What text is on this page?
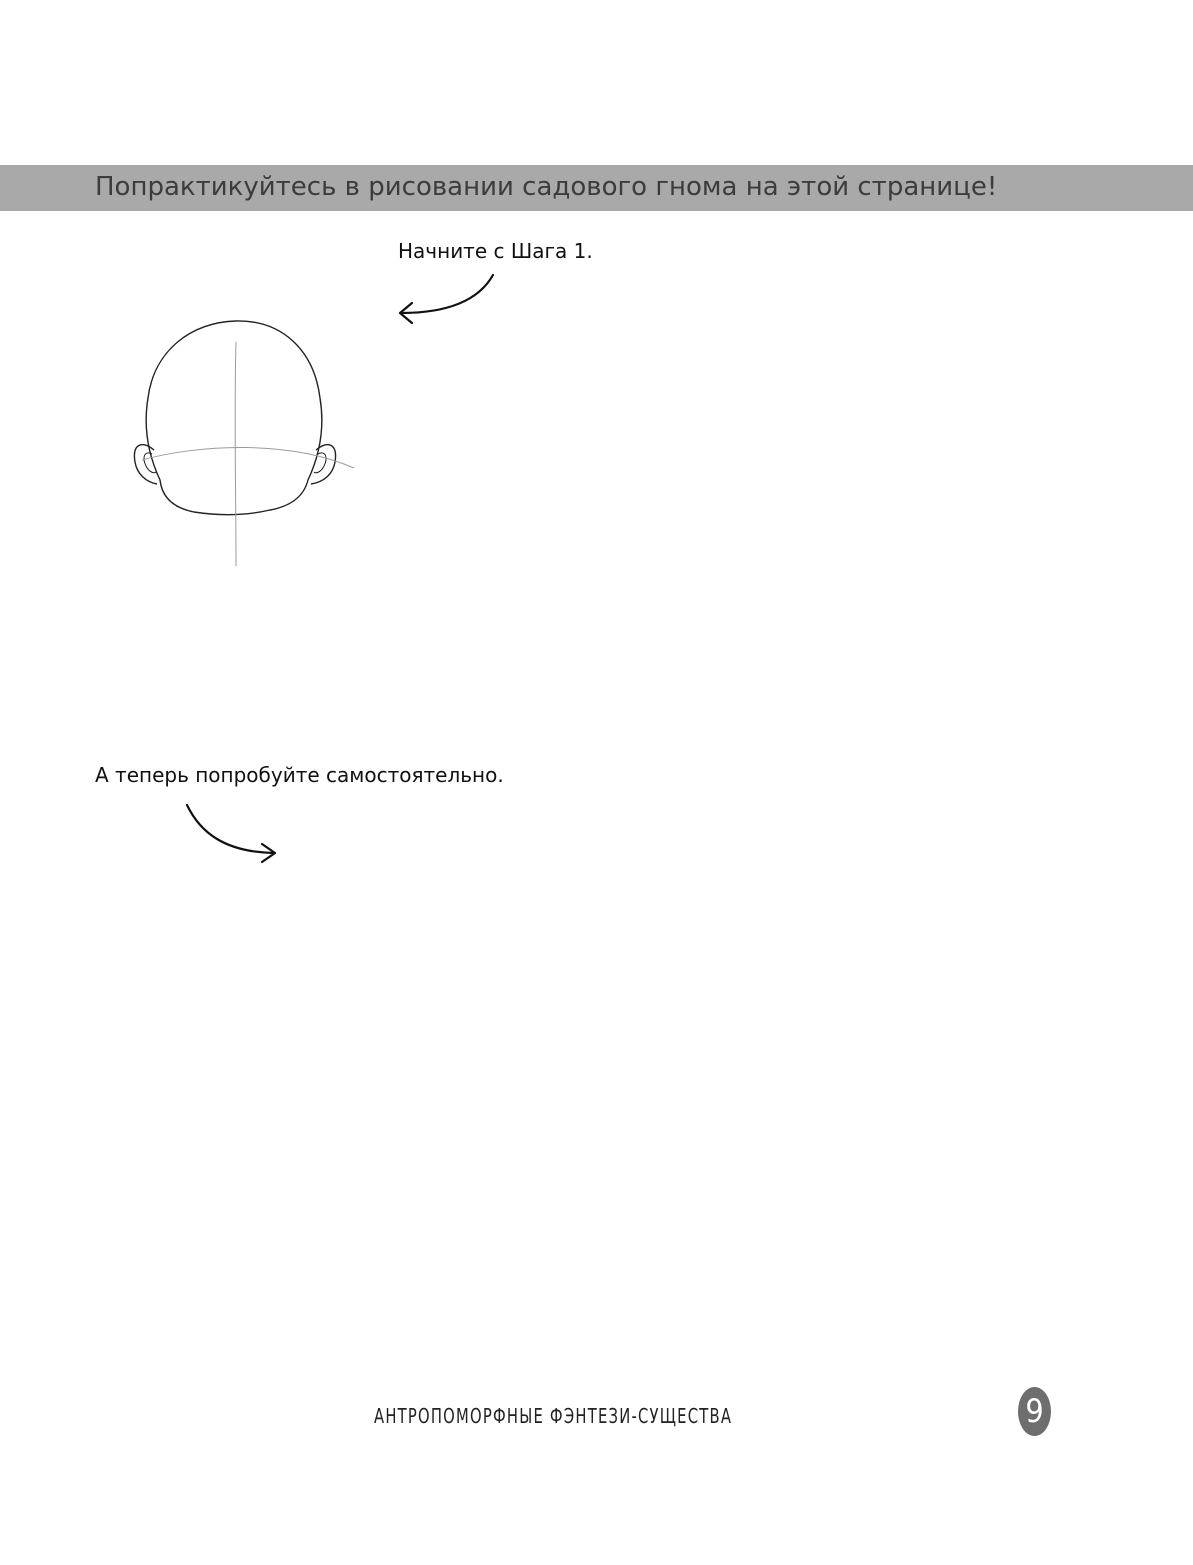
Попрактикуйтесь в рисовании садового гнома на этой странице!
Начните с Шага 1.
А теперь попробуйте самостоятельно.
АНТРОПОМОРФНЫЕ ФЭНТЕЗИ-СУЩЕСТВА	9
